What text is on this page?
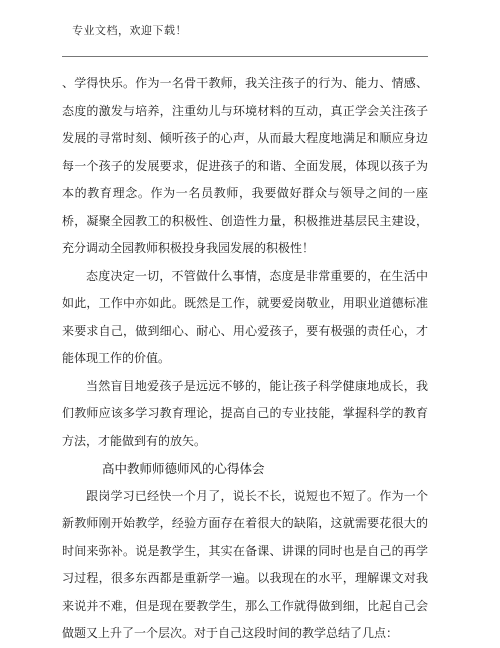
专业文档，欢迎下载！

、学得快乐。作为一名骨干教师，我关注孩子的行为、能力、情感、态度的激发与培养，注重幼儿与环境材料的互动，真正学会关注孩子发展的寻常时刻、倾听孩子的心声，从而最大程度地满足和顺应身边每一个孩子的发展要求，促进孩子的和谐、全面发展，体现以孩子为本的教育理念。作为一名员教师，我要做好群众与领导之间的一座桥，凝聚全园教工的积极性、创造性力量，积极推进基层民主建设，充分调动全园教师积极投身我园发展的积极性！

态度决定一切，不管做什么事情，态度是非常重要的，在生活中如此，工作中亦如此。既然是工作，就要爱岗敬业，用职业道德标准来要求自己，做到细心、耐心、用心爱孩子，要有极强的责任心，才能体现工作的价值。

当然盲目地爱孩子是远远不够的，能让孩子科学健康地成长，我们教师应该多学习教育理论，提高自己的专业技能，掌握科学的教育方法，才能做到有的放矢。

高中教师师德师风的心得体会

跟岗学习已经快一个月了，说长不长，说短也不短了。作为一个新教师刚开始教学，经验方面存在着很大的缺陷，这就需要花很大的时间来弥补。说是教学生，其实在备课、讲课的同时也是自己的再学习过程，很多东西都是重新学一遍。以我现在的水平，理解课文对我来说并不难，但是现在要教学生，那么工作就得做到细，比起自己会做题又上升了一个层次。对于自己这段时间的教学总结了几点：
